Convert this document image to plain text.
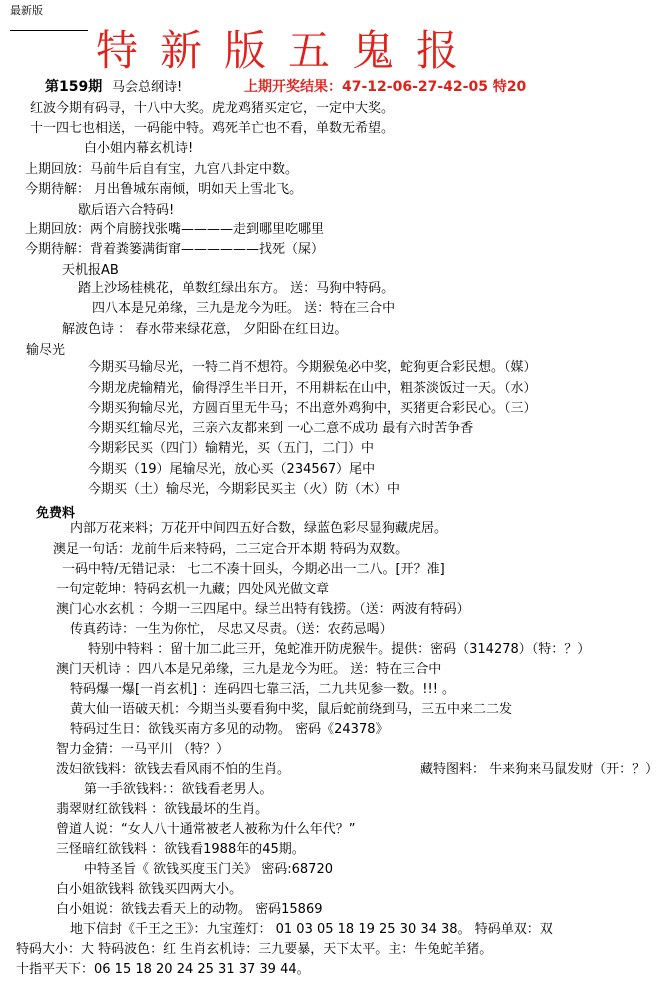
最新版
特新版五鬼报
第159期 马会总纲诗!	上期开奖结果：47-12-06-27-42-05 特20
红波今期有码寻，十八中大奖。虎龙鸡猪买定它，一定中大奖。
十一四七也相送，一码能中特。鸡死羊亡也不看，单数无希望。
白小姐内幕玄机诗!
上期回放：马前牛后自有宝，九宫八卦定中数。
今期待解： 月出鲁城东南倾，明如天上雪北飞。
歇后语六合特码!
上期回放：两个肩膀找张嘴————走到哪里吃哪里
今期待解：背着粪篓满街窜——————找死（屎）
天机报AB
踏上沙场桂桃花，单数红绿出东方。 送：马狗中特码。
四八本是兄弟缘，三九是龙今为旺。 送：特在三合中
解波色诗 ： 春水带来绿花意， 夕阳卧在红日边。
输尽光
今期买马输尽光，一特二肖不想符。今期猴兔必中奖，蛇狗更合彩民想。（媒）
今期龙虎输精光，偷得浮生半日开，不用耕耘在山中，粗茶淡饭过一天。（水）
今期买狗输尽光，方圆百里无牛马；不出意外鸡狗中，买猪更合彩民心。（三）
今期买红输尽光，三亲六友都来到 一心二意不成功 最有六时苦争香
今期彩民买（四门）输精光，买（五门，二门）中
今期买（19）尾输尽光，放心买（234567）尾中
今期买（土）输尽光，今期彩民买主（火）防（木）中
免费料
内部万花来料；万花开中间四五好合数，绿蓝色彩尽显狗藏虎居。
澳足一句话：龙前牛后来特码，二三定合开本期 特码为双数。
一码中特/无错记录： 七二不凑十回头，今期必出一二八。[开？准]
一句定乾坤：特码玄机一九藏；四处风光做文章
澳门心水玄机 ：今期一三四尾中。绿兰出特有钱捞。（送：两波有特码）
传真药诗：一生为你忙， 尽忠又尽责。（送：农药忌喝）
特别中特料 ：留十加二此三开，兔蛇准开防虎猴牛。提供：密码（314278）（特：？）
澳门天机诗 ：四八本是兄弟缘，三九是龙今为旺。 送：特在三合中
特码爆一爆[一肖玄机] ：连码四七靠三活，二九共见参一数。!!! 。
黄大仙一语破天机：今期当头要看狗中奖，鼠后蛇前绕到马，三五中来二二发
特码过生日：欲钱买南方多见的动物。 密码《24378》
智力金猜：一马平川 （特？）
泼妇欲钱料：欲钱去看风雨不怕的生肖。	藏特图料： 牛来狗来马鼠发财（开：？）
第一手欲钱料：：欲钱看老男人。
翡翠财红欲钱料 ：欲钱最坏的生肖。
曾道人说：“女人八十通常被老人被称为什么年代？”
三怪暗红欲钱料 ：欲钱看1988年的45期。
中特圣旨《 欲钱买度玉门关》 密码:68720
白小姐欲钱料 欲钱买四两大小。
白小姐说：欲钱去看天上的动物。 密码15869
地下信封《千王之王》：九宝莲灯： 01 03 05 18 19 25 30 34 38。 特码单双：双
特码大小：大 特码波色：红 生肖玄机诗：三九要暴，天下太平。主：牛兔蛇羊猪。
十指平天下：06 15 18 20 24 25 31 37 39 44。
